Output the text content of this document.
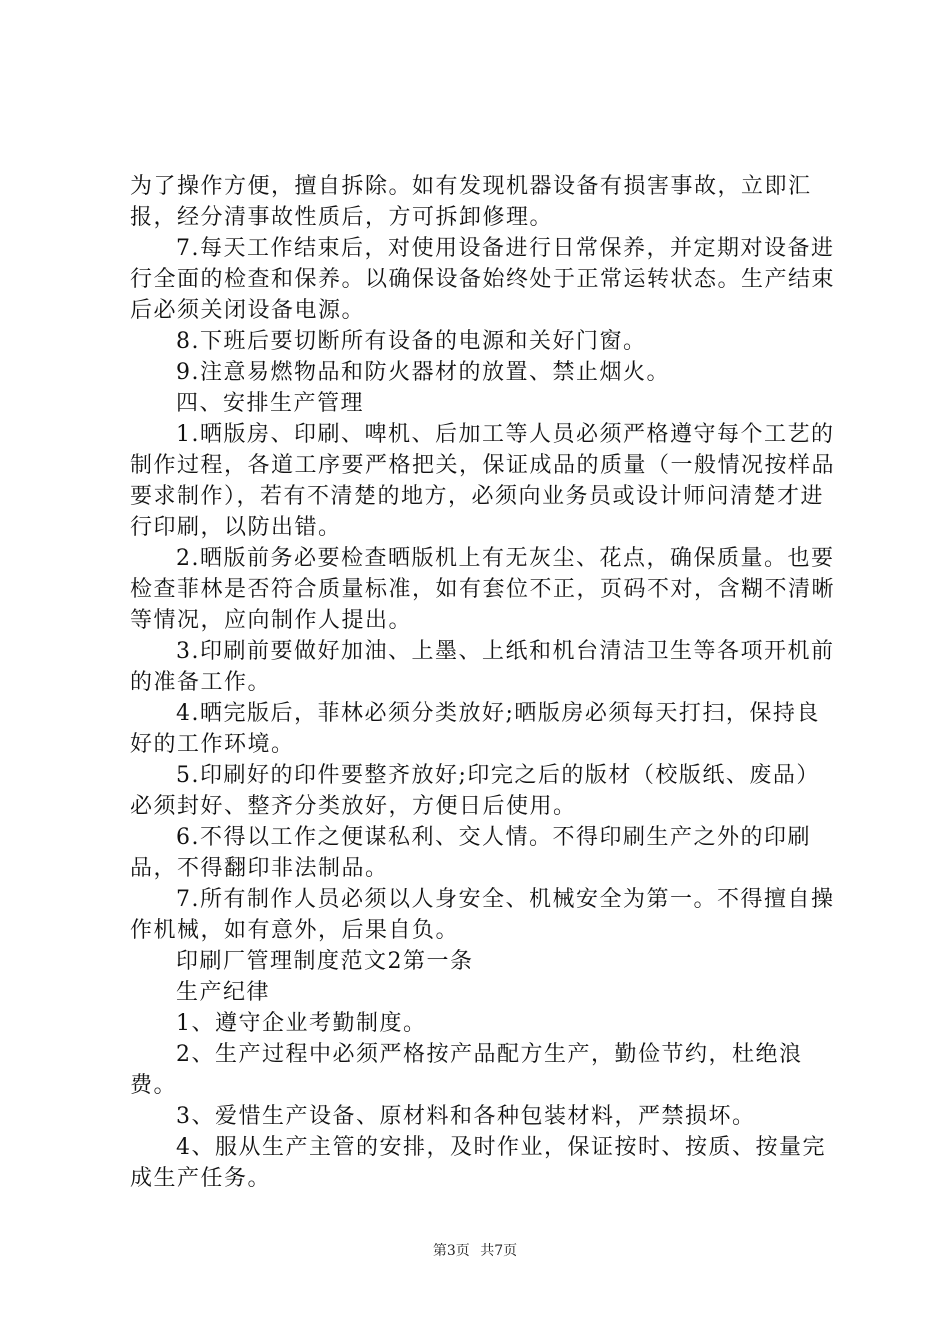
为了操作方便，擅自拆除。如有发现机器设备有损害事故，立即汇报，经分清事故性质后，方可拆卸修理。

7.每天工作结束后，对使用设备进行日常保养，并定期对设备进行全面的检查和保养。以确保设备始终处于正常运转状态。生产结束后必须关闭设备电源。

8.下班后要切断所有设备的电源和关好门窗。

9.注意易燃物品和防火器材的放置、禁止烟火。

四、安排生产管理

1.晒版房、印刷、啤机、后加工等人员必须严格遵守每个工艺的制作过程，各道工序要严格把关，保证成品的质量（一般情况按样品要求制作），若有不清楚的地方，必须向业务员或设计师问清楚才进行印刷，以防出错。

2.晒版前务必要检查晒版机上有无灰尘、花点，确保质量。也要检查菲林是否符合质量标准，如有套位不正，页码不对，含糊不清晰等情况，应向制作人提出。

3.印刷前要做好加油、上墨、上纸和机台清洁卫生等各项开机前的准备工作。

4.晒完版后，菲林必须分类放好;晒版房必须每天打扫，保持良好的工作环境。

5.印刷好的印件要整齐放好;印完之后的版材（校版纸、废品）必须封好、整齐分类放好，方便日后使用。

6.不得以工作之便谋私利、交人情。不得印刷生产之外的印刷品，不得翻印非法制品。

7.所有制作人员必须以人身安全、机械安全为第一。不得擅自操作机械，如有意外，后果自负。

印刷厂管理制度范文2第一条

生产纪律

1、遵守企业考勤制度。

2、生产过程中必须严格按产品配方生产，勤俭节约，杜绝浪费。

3、爱惜生产设备、原材料和各种包装材料，严禁损坏。

4、服从生产主管的安排，及时作业，保证按时、按质、按量完成生产任务。

第3页 共7页
